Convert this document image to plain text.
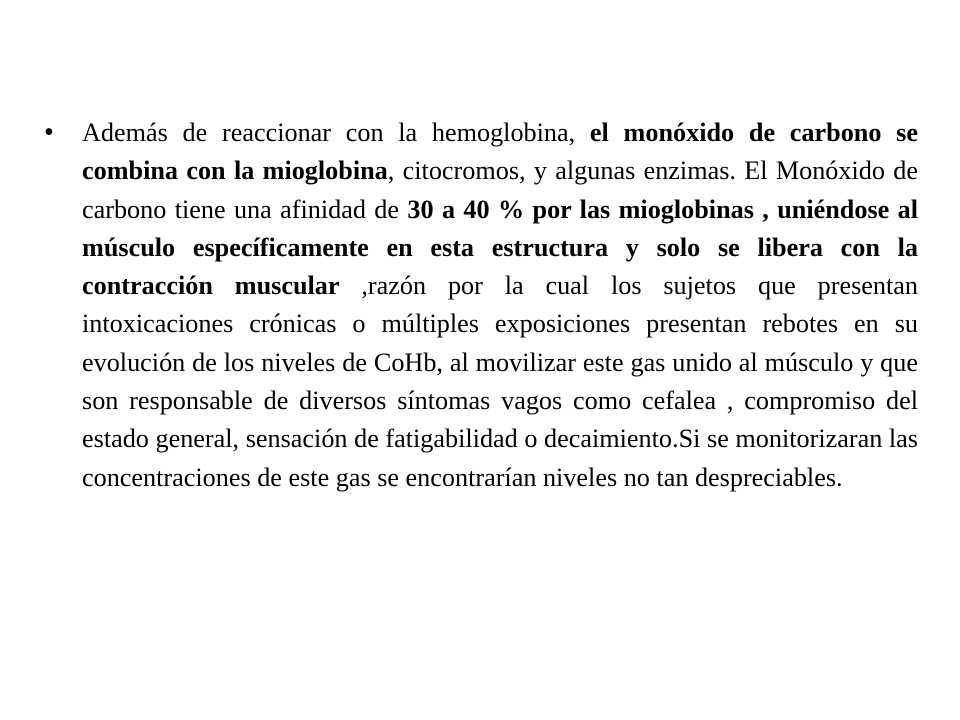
•	Además de reaccionar con la hemoglobina, el monóxido de carbono se combina con la mioglobina, citocromos, y algunas enzimas. El Monóxido de carbono tiene una afinidad de 30 a 40 % por las mioglobinas , uniéndose al músculo específicamente en esta estructura y solo se libera con la contracción muscular ,razón por la cual los sujetos que presentan intoxicaciones crónicas o múltiples exposiciones presentan rebotes en su evolución de los niveles de CoHb, al movilizar este gas unido al músculo y que son responsable de diversos síntomas vagos como cefalea , compromiso del estado general, sensación de fatigabilidad o decaimiento.Si se monitorizaran las concentraciones de este gas se encontrarían niveles no tan despreciables.
